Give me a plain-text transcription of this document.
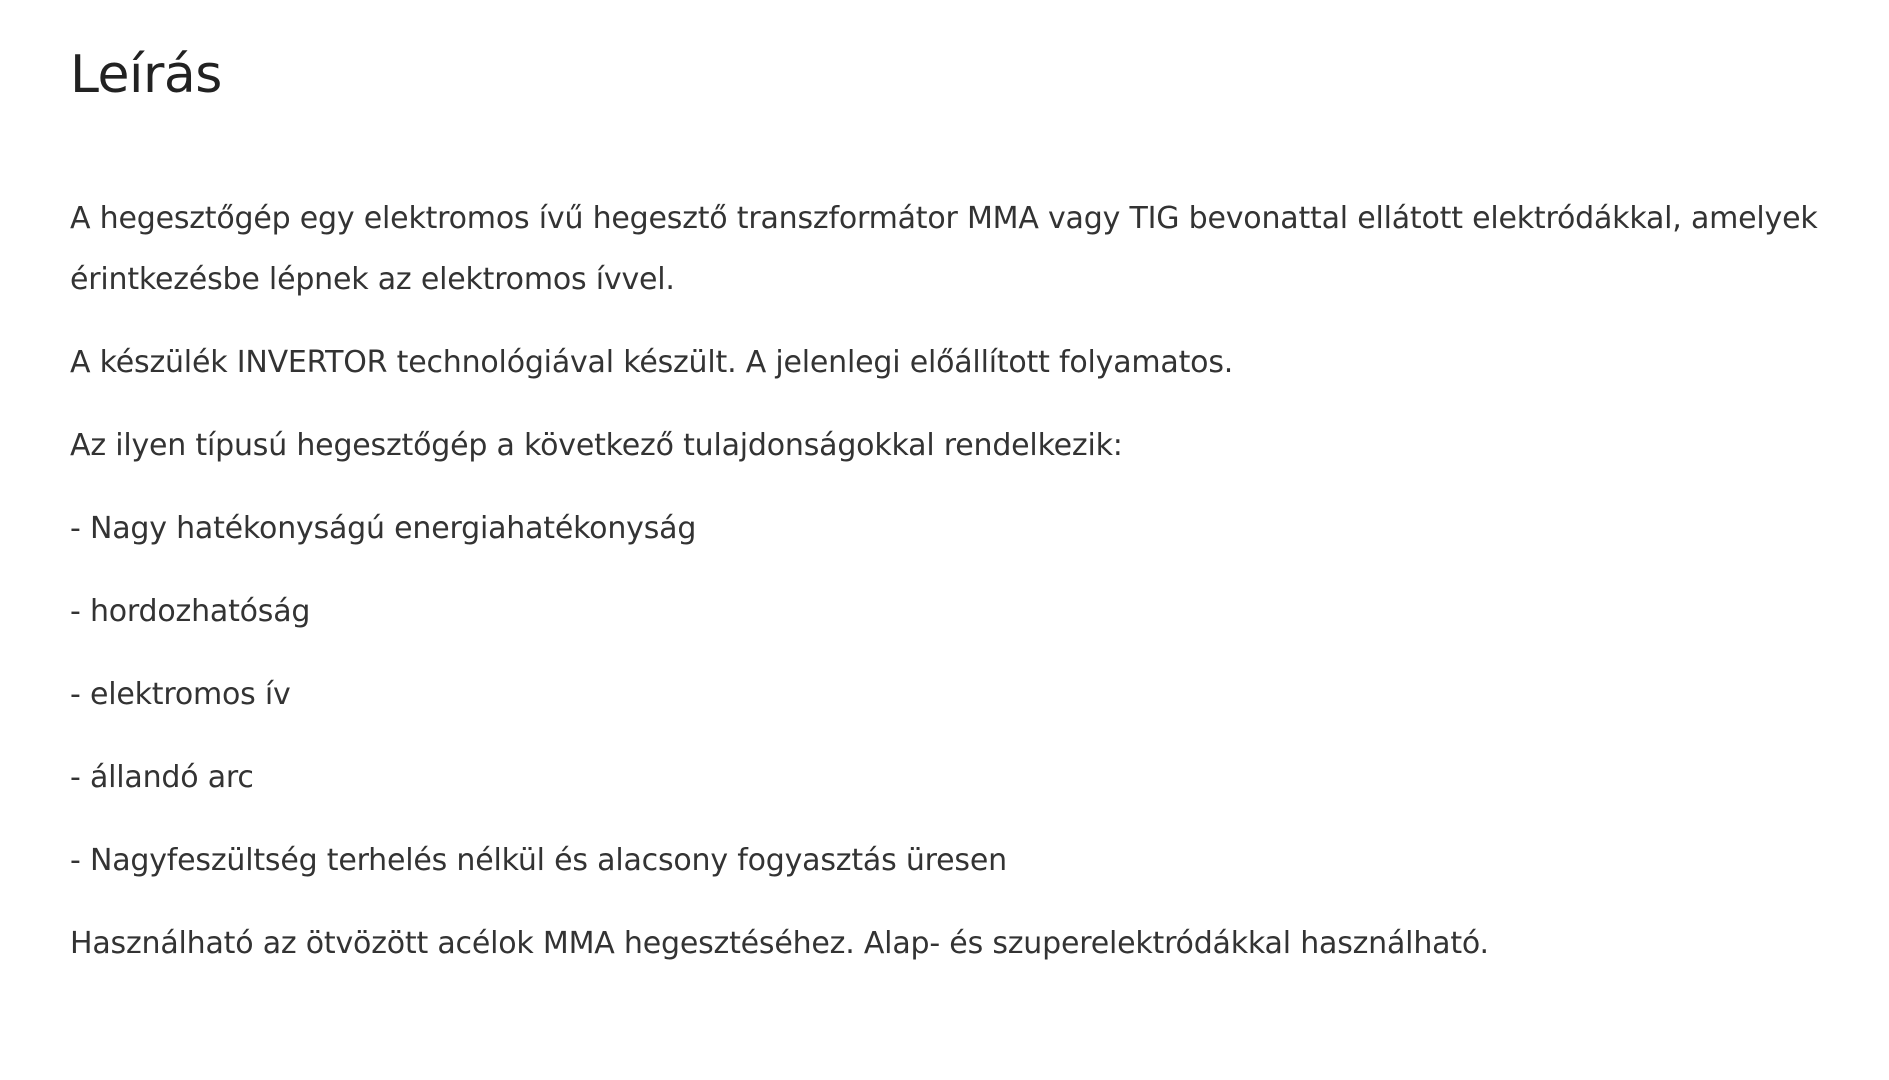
Leírás

A hegesztőgép egy elektromos ívű hegesztő transzformátor MMA vagy TIG bevonattal ellátott elektródákkal, amelyek érintkezésbe lépnek az elektromos ívvel.

A készülék INVERTOR technológiával készült. A jelenlegi előállított folyamatos.

Az ilyen típusú hegesztőgép a következő tulajdonságokkal rendelkezik:

- Nagy hatékonyságú energiahatékonyság

- hordozhatóság

- elektromos ív

- állandó arc

- Nagyfeszültség terhelés nélkül és alacsony fogyasztás üresen

Használható az ötvözött acélok MMA hegesztéséhez. Alap- és szuperelektródákkal használható.
